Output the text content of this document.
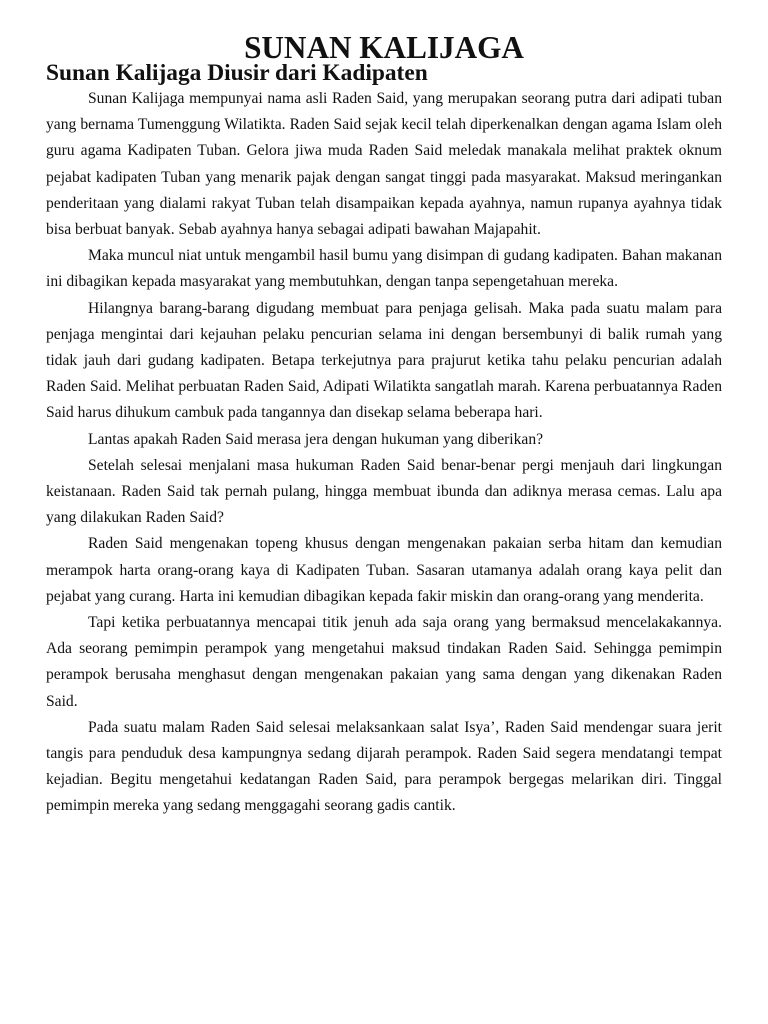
SUNAN KALIJAGA
Sunan Kalijaga Diusir dari Kadipaten

Sunan Kalijaga mempunyai nama asli Raden Said, yang merupakan seorang putra dari adipati tuban yang bernama Tumenggung Wilatikta. Raden Said sejak kecil telah diperkenalkan dengan agama Islam oleh guru agama Kadipaten Tuban. Gelora jiwa muda Raden Said meledak manakala melihat praktek oknum pejabat kadipaten Tuban yang menarik pajak dengan sangat tinggi pada masyarakat. Maksud meringankan penderitaan yang dialami rakyat Tuban telah disampaikan kepada ayahnya, namun rupanya ayahnya tidak bisa berbuat banyak. Sebab ayahnya hanya sebagai adipati bawahan Majapahit.

Maka muncul niat untuk mengambil hasil bumu yang disimpan di gudang kadipaten. Bahan makanan ini dibagikan kepada masyarakat yang membutuhkan, dengan tanpa sepengetahuan mereka.

Hilangnya barang-barang digudang membuat para penjaga gelisah. Maka pada suatu malam para penjaga mengintai dari kejauhan pelaku pencurian selama ini dengan bersembunyi di balik rumah yang tidak jauh dari gudang kadipaten. Betapa terkejutnya para prajurut ketika tahu pelaku pencurian adalah Raden Said. Melihat perbuatan Raden Said, Adipati Wilatikta sangatlah marah. Karena perbuatannya Raden Said harus dihukum cambuk pada tangannya dan disekap selama beberapa hari.

Lantas apakah Raden Said merasa jera dengan hukuman yang diberikan?

Setelah selesai menjalani masa hukuman Raden Said benar-benar pergi menjauh dari lingkungan keistanaan. Raden Said tak pernah pulang, hingga membuat ibunda dan adiknya merasa cemas. Lalu apa yang dilakukan Raden Said?

Raden Said mengenakan topeng khusus dengan mengenakan pakaian serba hitam dan kemudian merampok harta orang-orang kaya di Kadipaten Tuban. Sasaran utamanya adalah orang kaya pelit dan pejabat yang curang. Harta ini kemudian dibagikan kepada fakir miskin dan orang-orang yang menderita.

Tapi ketika perbuatannya mencapai titik jenuh ada saja orang yang bermaksud mencelakakannya. Ada seorang pemimpin perampok yang mengetahui maksud tindakan Raden Said. Sehingga pemimpin perampok berusaha menghasut dengan mengenakan pakaian yang sama dengan yang dikenakan Raden Said.

Pada suatu malam Raden Said selesai melaksankaan salat Isya’, Raden Said mendengar suara jerit tangis para penduduk desa kampungnya sedang dijarah perampok. Raden Said segera mendatangi tempat kejadian. Begitu mengetahui kedatangan Raden Said, para perampok bergegas melarikan diri. Tinggal pemimpin mereka yang sedang menggagahi seorang gadis cantik.
